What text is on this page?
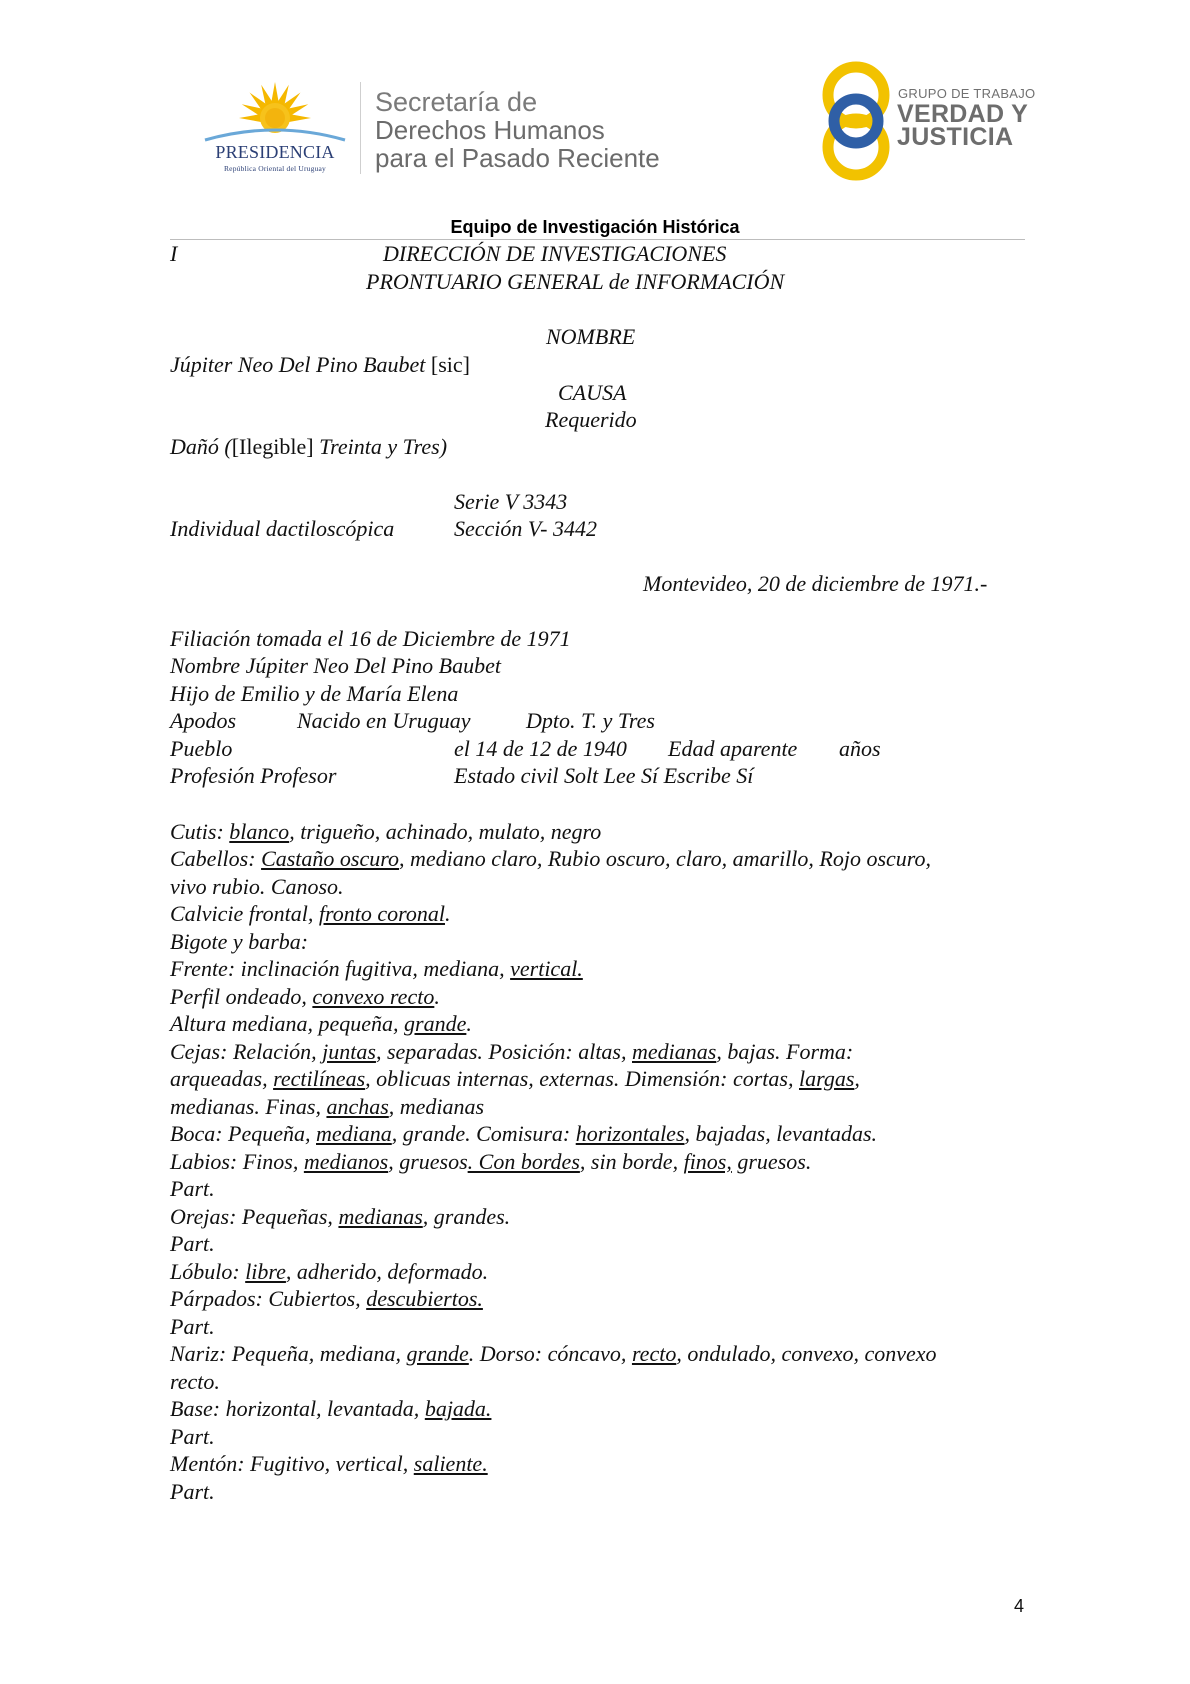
PRESIDENCIA
República Oriental del Uruguay
Secretaría de
Derechos Humanos
para el Pasado Reciente
GRUPO DE TRABAJO
VERDAD Y
JUSTICIA
Equipo de Investigación Histórica
I	DIRECCIÓN DE INVESTIGACIONES
PRONTUARIO GENERAL de INFORMACIÓN
NOMBRE
Júpiter Neo Del Pino Baubet [sic]
CAUSA
Requerido
Dañó ([Ilegible] Treinta y Tres)
Serie V 3343
Individual dactiloscópica	Sección V- 3442
Montevideo, 20 de diciembre de 1971.-
Filiación tomada el 16 de Diciembre de 1971
Nombre Júpiter Neo Del Pino Baubet
Hijo de Emilio y de María Elena
Apodos	Nacido en Uruguay	Dpto. T. y Tres
Pueblo	el 14 de 12 de 1940 Edad aparente años
Profesión Profesor	Estado civil Solt Lee Sí Escribe Sí
Cutis: blanco, trigueño, achinado, mulato, negro
Cabellos: Castaño oscuro, mediano claro, Rubio oscuro, claro, amarillo, Rojo oscuro,
vivo rubio. Canoso.
Calvicie frontal, fronto coronal.
Bigote y barba:
Frente: inclinación fugitiva, mediana, vertical.
Perfil ondeado, convexo recto.
Altura mediana, pequeña, grande.
Cejas: Relación, juntas, separadas. Posición: altas, medianas, bajas. Forma:
arqueadas, rectilíneas, oblicuas internas, externas. Dimensión: cortas, largas,
medianas. Finas, anchas, medianas
Boca: Pequeña, mediana, grande. Comisura: horizontales, bajadas, levantadas.
Labios: Finos, medianos, gruesos. Con bordes, sin borde, finos, gruesos.
Part.
Orejas: Pequeñas, medianas, grandes.
Part.
Lóbulo: libre, adherido, deformado.
Párpados: Cubiertos, descubiertos.
Part.
Nariz: Pequeña, mediana, grande. Dorso: cóncavo, recto, ondulado, convexo, convexo
recto.
Base: horizontal, levantada, bajada.
Part.
Mentón: Fugitivo, vertical, saliente.
Part.
4
